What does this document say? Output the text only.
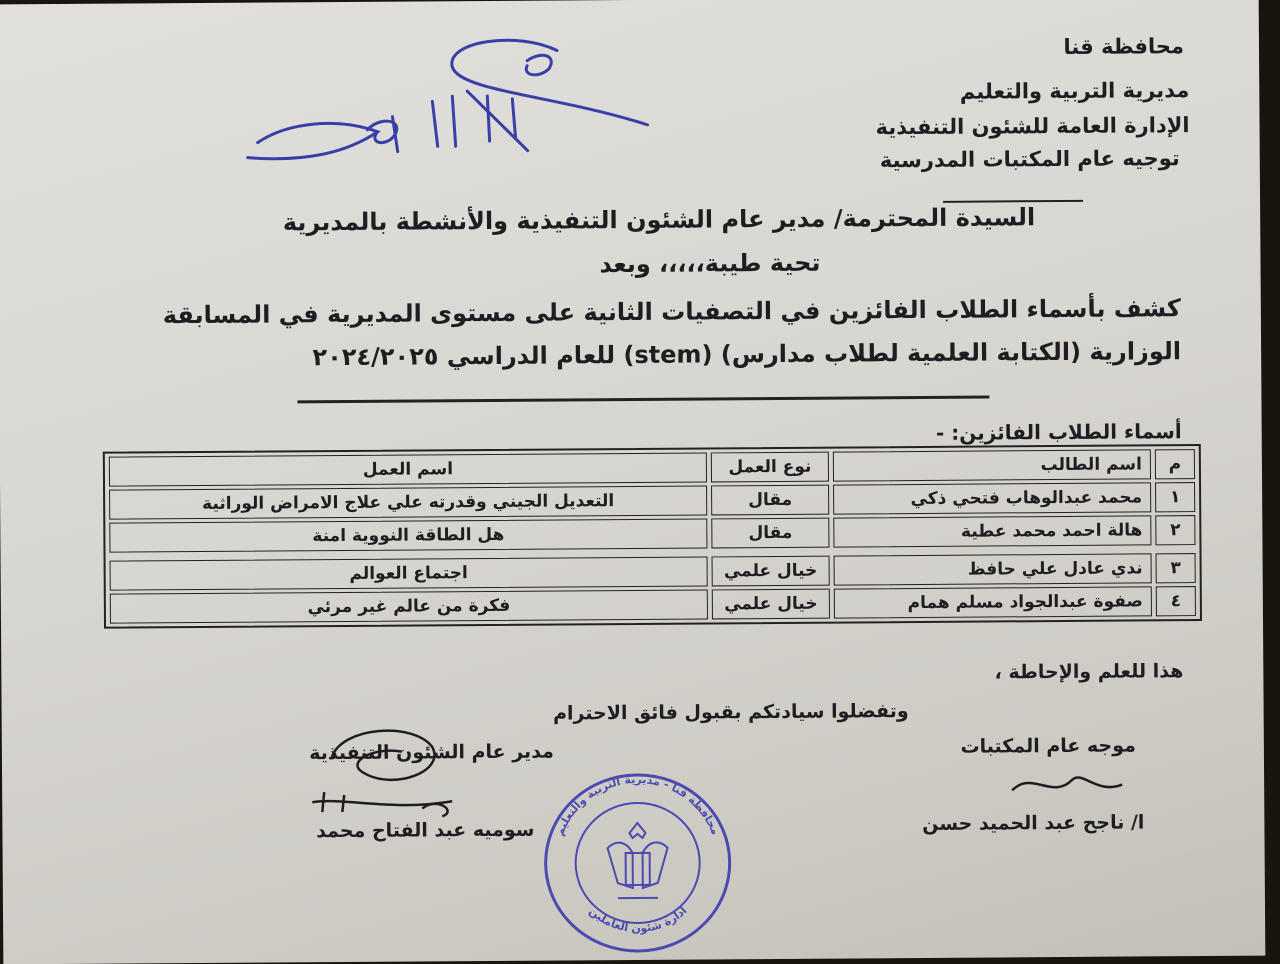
محافظة قنا
مديرية التربية والتعليم
الإدارة العامة للشئون التنفيذية
توجيه عام المكتبات المدرسية
السيدة المحترمة/ مدير عام الشئون التنفيذية والأنشطة بالمديرية
تحية طيبة،،،،، وبعد
كشف بأسماء الطلاب الفائزين في التصفيات الثانية على مستوى المديرية في المسابقة
الوزارية (الكتابة العلمية لطلاب مدارس) (stem) للعام الدراسي ٢٠٢٤/٢٠٢٥
أسماء الطلاب الفائزين: -
م	اسم الطالب	نوع العمل	اسم العمل
١	محمد عبدالوهاب فتحي ذكي	مقال	التعديل الجيني وقدرته علي علاج الامراض الوراثية
٢	هالة احمد محمد عطية	مقال	هل الطاقة النووية امنة

٣	ندي عادل علي حافظ	خيال علمي	اجتماع العوالم
٤	صفوة عبدالجواد مسلم همام	خيال علمي	فكرة من عالم غير مرئي
هذا للعلم والإحاطة ،
وتفضلوا سيادتكم بقبول فائق الاحترام
موجه عام المكتبات
ا/ ناجح عبد الحميد حسن
مدير عام الشئون التنفيذية
سوميه عبد الفتاح محمد محافظة قنا - مديرية التربية والتعليم
ادارة شئون العاملين
